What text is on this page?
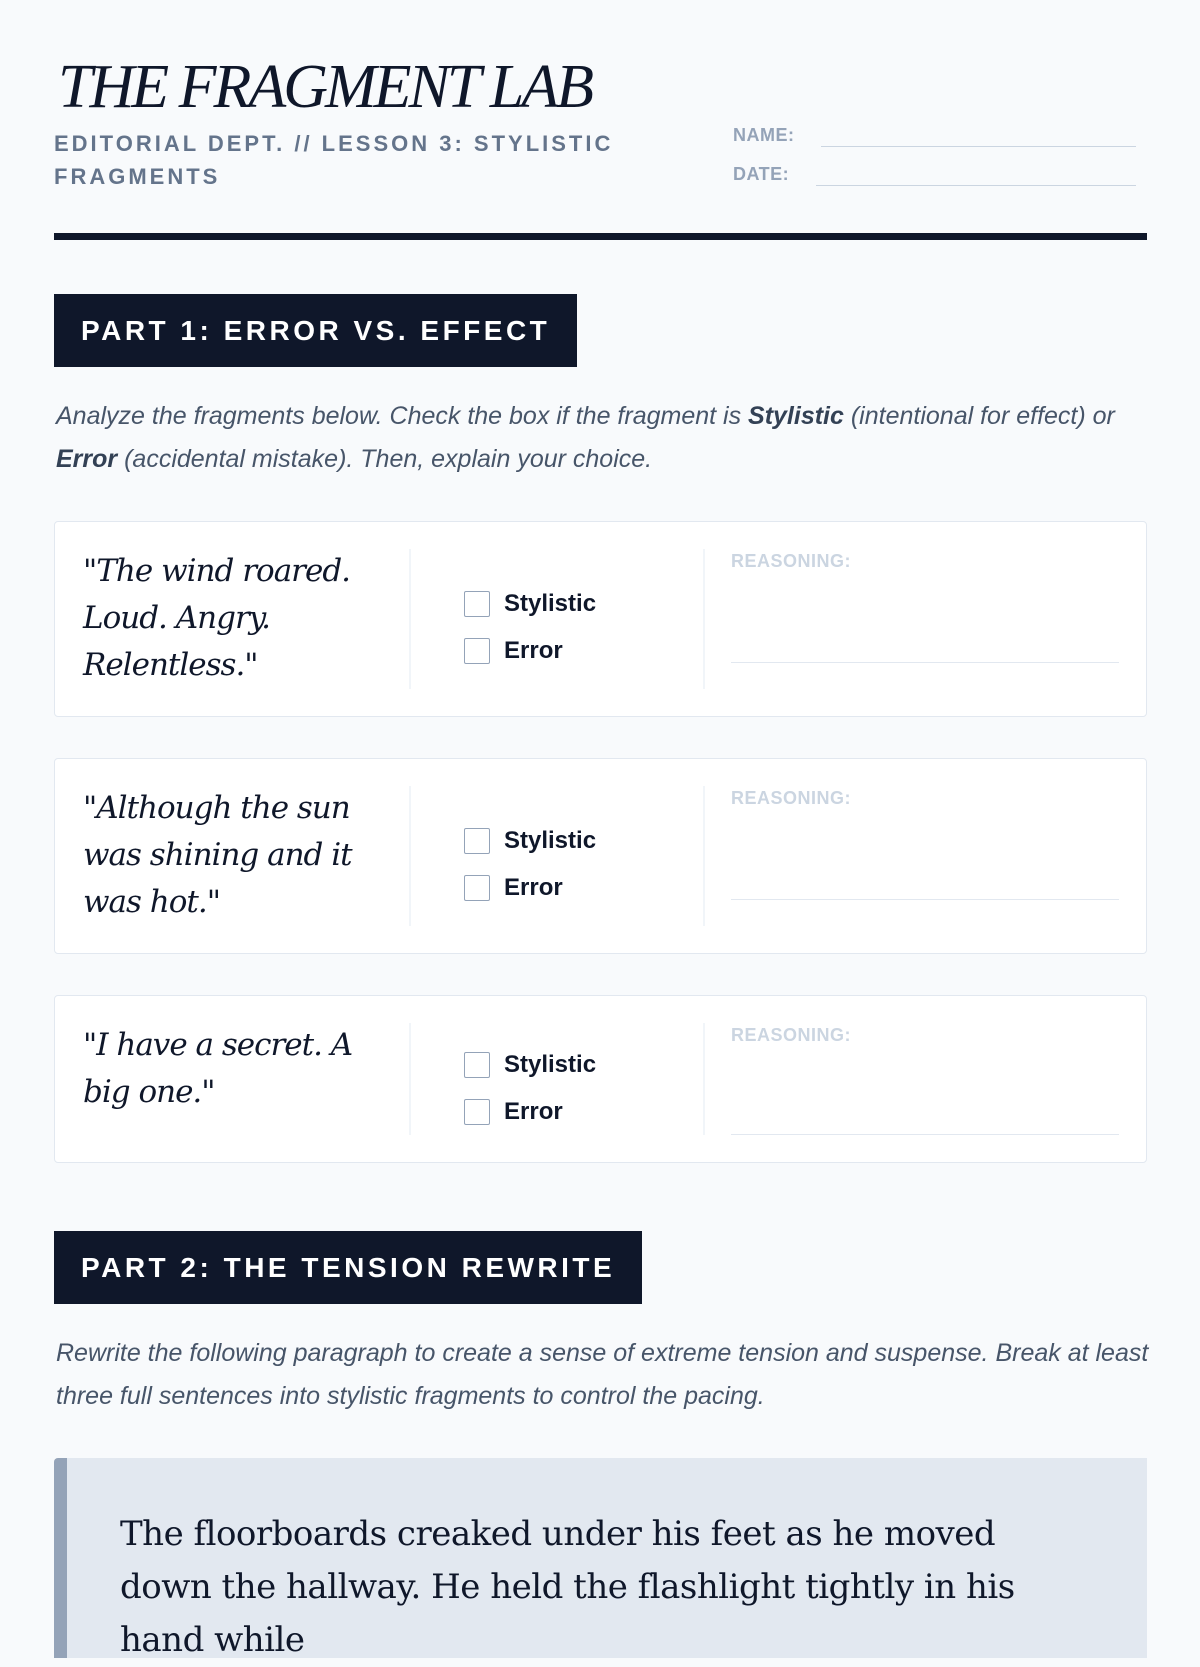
THE FRAGMENT LAB
EDITORIAL DEPT. // LESSON 3: STYLISTIC FRAGMENTS
NAME:
DATE:
PART 1: ERROR VS. EFFECT

Analyze the fragments below. Check the box if the fragment is Stylistic (intentional for effect) or Error (accidental mistake). Then, explain your choice.

"The wind roared. Loud. Angry. Relentless."
Stylistic
Error
REASONING:
"Although the sun was shining and it was hot."
Stylistic
Error
REASONING:
"I have a secret. A big one."
Stylistic
Error
REASONING:
PART 2: THE TENSION REWRITE

Rewrite the following paragraph to create a sense of extreme tension and suspense. Break at least three full sentences into stylistic fragments to control the pacing.

The floorboards creaked under his feet as he moved down the hallway. He held the flashlight tightly in his hand while
